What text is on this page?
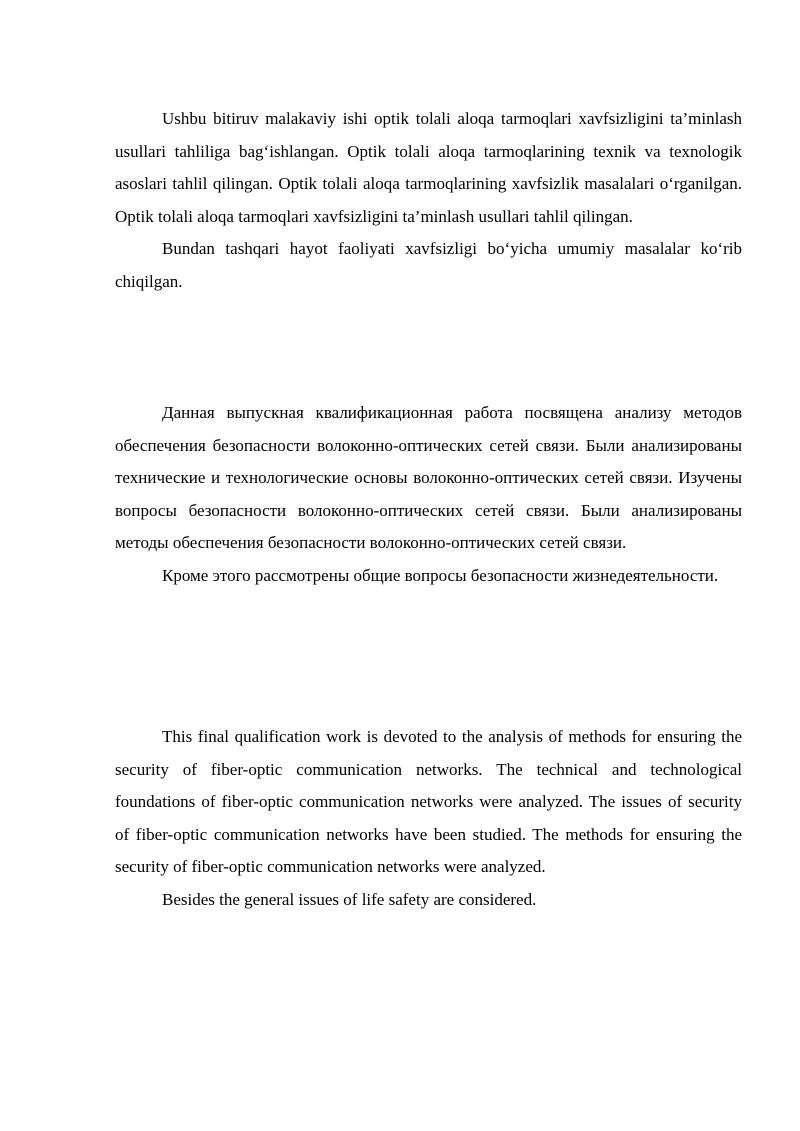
Ushbu bitiruv malakaviy ishi optik tolali aloqa tarmoqlari xavfsizligini ta’minlash usullari tahliliga bag‘ishlangan. Optik tolali aloqa tarmoqlarining texnik va texnologik asoslari tahlil qilingan. Optik tolali aloqa tarmoqlarining xavfsizlik masalalari o‘rganilgan. Optik tolali aloqa tarmoqlari xavfsizligini ta’minlash usullari tahlil qilingan.

Bundan tashqari hayot faoliyati xavfsizligi bo‘yicha umumiy masalalar ko‘rib chiqilgan.

Данная выпускная квалификационная работа посвящена анализу методов обеспечения безопасности волоконно-оптических сетей связи. Были анализированы технические и технологические основы волоконно-оптических сетей связи. Изучены вопросы безопасности волоконно-оптических сетей связи. Были анализированы методы обеспечения безопасности волоконно-оптических сетей связи.

Кроме этого рассмотрены общие вопросы безопасности жизнедеятельности.

This final qualification work is devoted to the analysis of methods for ensuring the security of fiber-optic communication networks. The technical and technological foundations of fiber-optic communication networks were analyzed. The issues of security of fiber-optic communication networks have been studied. The methods for ensuring the security of fiber-optic communication networks were analyzed.

Besides the general issues of life safety are considered.
